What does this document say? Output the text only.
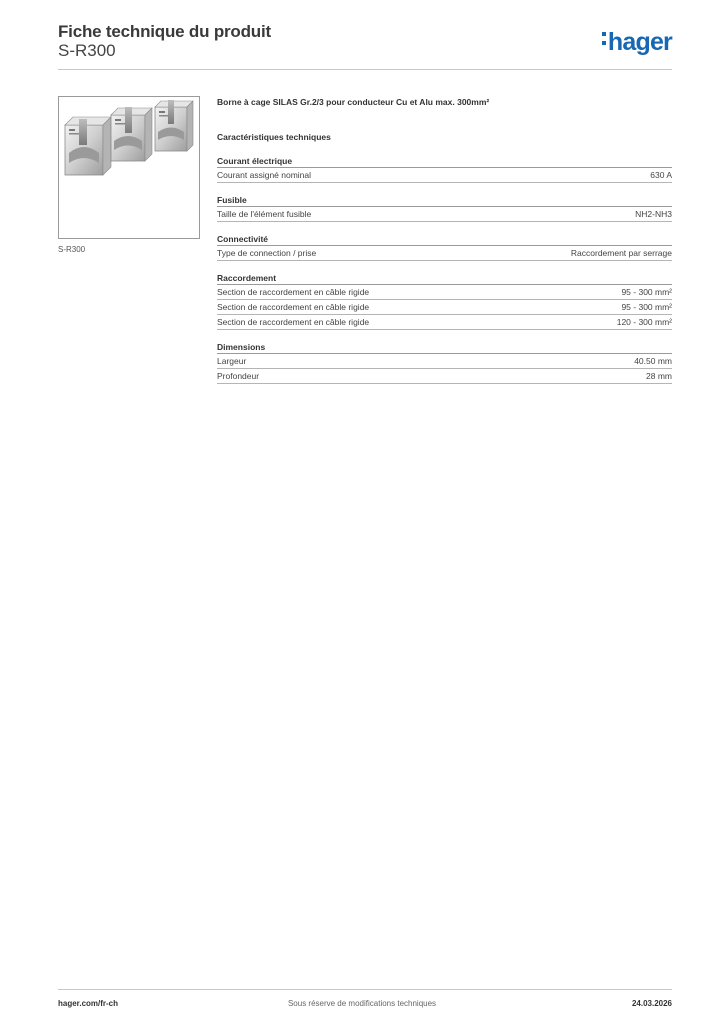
Fiche technique du produit
S-R300	hager
S-R300
Borne à cage SILAS Gr.2/3 pour conducteur Cu et Alu max. 300mm²
Caractéristiques techniques
Courant électrique
Courant assigné nominal	630 A
Fusible
Taille de l'élément fusible	NH2-NH3
Connectivité
Type de connection / prise	Raccordement par serrage
Raccordement
Section de raccordement en câble rigide	95 - 300 mm²
Section de raccordement en câble rigide	95 - 300 mm²
Section de raccordement en câble rigide	120 - 300 mm²
Dimensions
Largeur	40.50 mm
Profondeur	28 mm
hager.com/fr-ch	Sous réserve de modifications techniques	24.03.2026
